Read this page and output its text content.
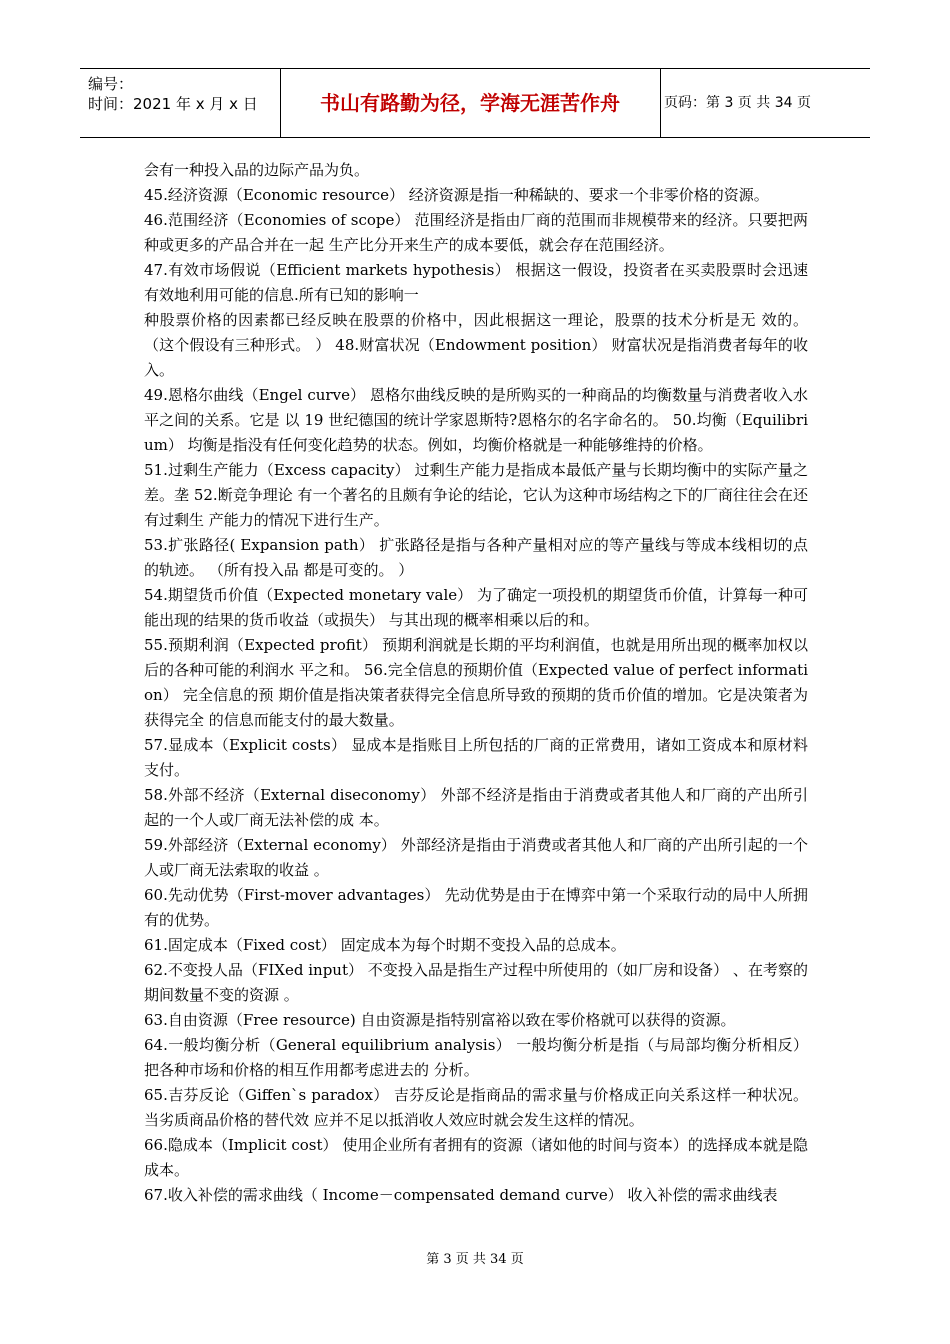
编号：
时间：2021 年 x 月 x 日	书山有路勤为径，学海无涯苦作舟	页码：第 3 页 共 34 页

会有一种投入品的边际产品为负。

45.经济资源（Economic resource） 经济资源是指一种稀缺的、要求一个非零价格的资源。

46.范围经济（Economies of scope） 范围经济是指由厂商的范围而非规模带来的经济。只要把两种或更多的产品合并在一起 生产比分开来生产的成本要低，就会存在范围经济。

47.有效市场假说（Efficient markets hypothesis） 根据这一假设，投资者在买卖股票时会迅速有效地利用可能的信息.所有已知的影响一

种股票价格的因素都已经反映在股票的价格中，因此根据这一理论，股票的技术分析是无 效的。 （这个假设有三种形式。 ） 48.财富状况（Endowment position） 财富状况是指消费者每年的收入。

49.恩格尔曲线（Engel curve） 恩格尔曲线反映的是所购买的一种商品的均衡数量与消费者收入水平之间的关系。它是 以 19 世纪德国的统计学家恩斯特?恩格尔的名字命名的。 50.均衡（Equilibrium） 均衡是指没有任何变化趋势的状态。例如，均衡价格就是一种能够维持的价格。

51.过剩生产能力（Excess capacity） 过剩生产能力是指成本最低产量与长期均衡中的实际产量之差。垄 52.断竞争理论 有一个著名的且颇有争论的结论，它认为这种市场结构之下的厂商往往会在还有过剩生 产能力的情况下进行生产。

53.扩张路径( Expansion path） 扩张路径是指与各种产量相对应的等产量线与等成本线相切的点的轨迹。 （所有投入品 都是可变的。 ）

54.期望货币价值（Expected monetary vale） 为了确定一项投机的期望货币价值，计算每一种可能出现的结果的货币收益（或损失） 与其出现的概率相乘以后的和。

55.预期利润（Expected profit） 预期利润就是长期的平均利润值，也就是用所出现的概率加权以后的各种可能的利润水 平之和。 56.完全信息的预期价值（Expected value of perfect information） 完全信息的预 期价值是指决策者获得完全信息所导致的预期的货币价值的增加。它是决策者为获得完全 的信息而能支付的最大数量。

57.显成本（Explicit costs） 显成本是指账目上所包括的厂商的正常费用，诸如工资成本和原材料支付。

58.外部不经济（External diseconomy） 外部不经济是指由于消费或者其他人和厂商的产出所引起的一个人或厂商无法补偿的成 本。

59.外部经济（External economy） 外部经济是指由于消费或者其他人和厂商的产出所引起的一个人或厂商无法索取的收益 。

60.先动优势（First-mover advantages） 先动优势是由于在博弈中第一个采取行动的局中人所拥有的优势。

61.固定成本（Fixed cost） 固定成本为每个时期不变投入品的总成本。

62.不变投人品（FIXed input） 不变投入品是指生产过程中所使用的（如厂房和设备） 、在考察的期间数量不变的资源 。

63.自由资源（Free resource) 自由资源是指特别富裕以致在零价格就可以获得的资源。

64.一般均衡分析（General equilibrium analysis） 一般均衡分析是指（与局部均衡分析相反）把各种市场和价格的相互作用都考虑进去的 分析。

65.吉芬反论（Giffen`s paradox） 吉芬反论是指商品的需求量与价格成正向关系这样一种状况。当劣质商品价格的替代效 应并不足以抵消收人效应时就会发生这样的情况。

66.隐成本（Implicit cost） 使用企业所有者拥有的资源（诸如他的时间与资本）的选择成本就是隐成本。

67.收入补偿的需求曲线（ Income－compensated demand curve） 收入补偿的需求曲线表

第 3 页 共 34 页
